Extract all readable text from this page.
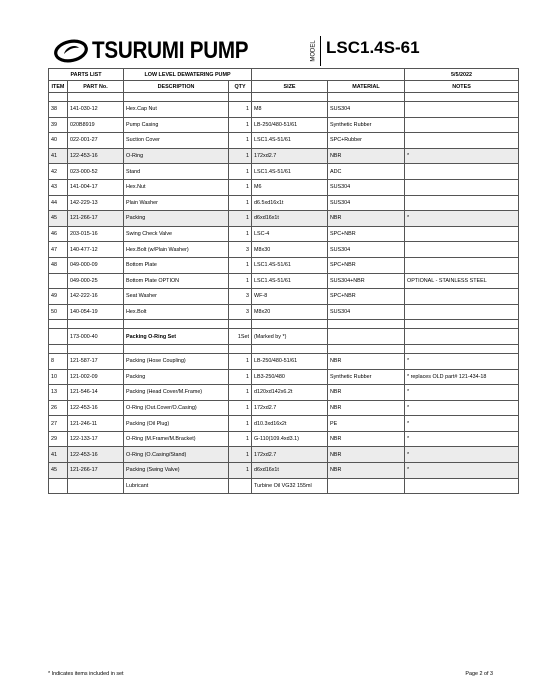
TSURUMI PUMP	MODEL LSC1.4S-61
PARTS LIST		LOW LEVEL DEWATERING PUMP				5/5/2022
ITEM	PART No.	DESCRIPTION	QTY	SIZE	MATERIAL	NOTES

38	141-030-12	Hex.Cap Nut	1	M8	SUS304	
39	020B8919	Pump Casing	1	LB-250/480-51/61	Synthetic Rubber	
40	022-001-27	Suction Cover	1	LSC1.4S-51/61	SPC+Rubber	
41	122-453-16	O-Ring	1	172xd2.7	NBR	*
42	023-000-52	Stand	1	LSC1.4S-51/61	ADC	
43	141-004-17	Hex.Nut	1	M6	SUS304	
44	142-229-13	Plain Washer	1	d6.5xd16x1t	SUS304	
45	121-266-17	Packing	1	d6xd16x1t	NBR	*
46	203-015-16	Swing Check Valve	1	LSC-4	SPC+NBR	
47	140-477-12	Hex.Bolt (w/Plain Washer)	3	M8x30	SUS304	
48	049-000-09	Bottom Plate	1	LSC1.4S-51/61	SPC+NBR	
	049-000-25	Bottom Plate OPTION	1	LSC1.4S-51/61	SUS304+NBR	OPTIONAL - STAINLESS STEEL
49	142-222-16	Seat Washer	3	WF-8	SPC+NBR	
50	140-054-19	Hex.Bolt	3	M8x20	SUS304	

	173-000-40	Packing O-Ring Set	1Set	(Marked by *)		

8	121-587-17	Packing (Hose Coupling)	1	LB-250/480-51/61	NBR	*
10	121-002-09	Packing	1	LB3-250/480	Synthetic Rubber	* replaces OLD part# 121-434-18
13	121-546-14	Packing (Head Cover/M.Frame)	1	d120xd142x6.2t	NBR	*
26	122-453-16	O-Ring (Out.Cover/O.Casing)	1	172xd2.7	NBR	*
27	121-246-11	Packing (Oil Plug)	1	d10.3xd16x2t	PE	*
29	122-133-17	O-Ring (M.Frame/M.Bracket)	1	G-110(109.4xd3.1)	NBR	*
41	122-453-16	O-Ring (O.Casing/Stand)	1	172xd2.7	NBR	*
45	121-266-17	Packing (Swing Valve)	1	d6xd16x1t	NBR	*
		Lubricant		Turbine Oil VG32 155ml		
* Indicates items included in set	Page 2 of 3
